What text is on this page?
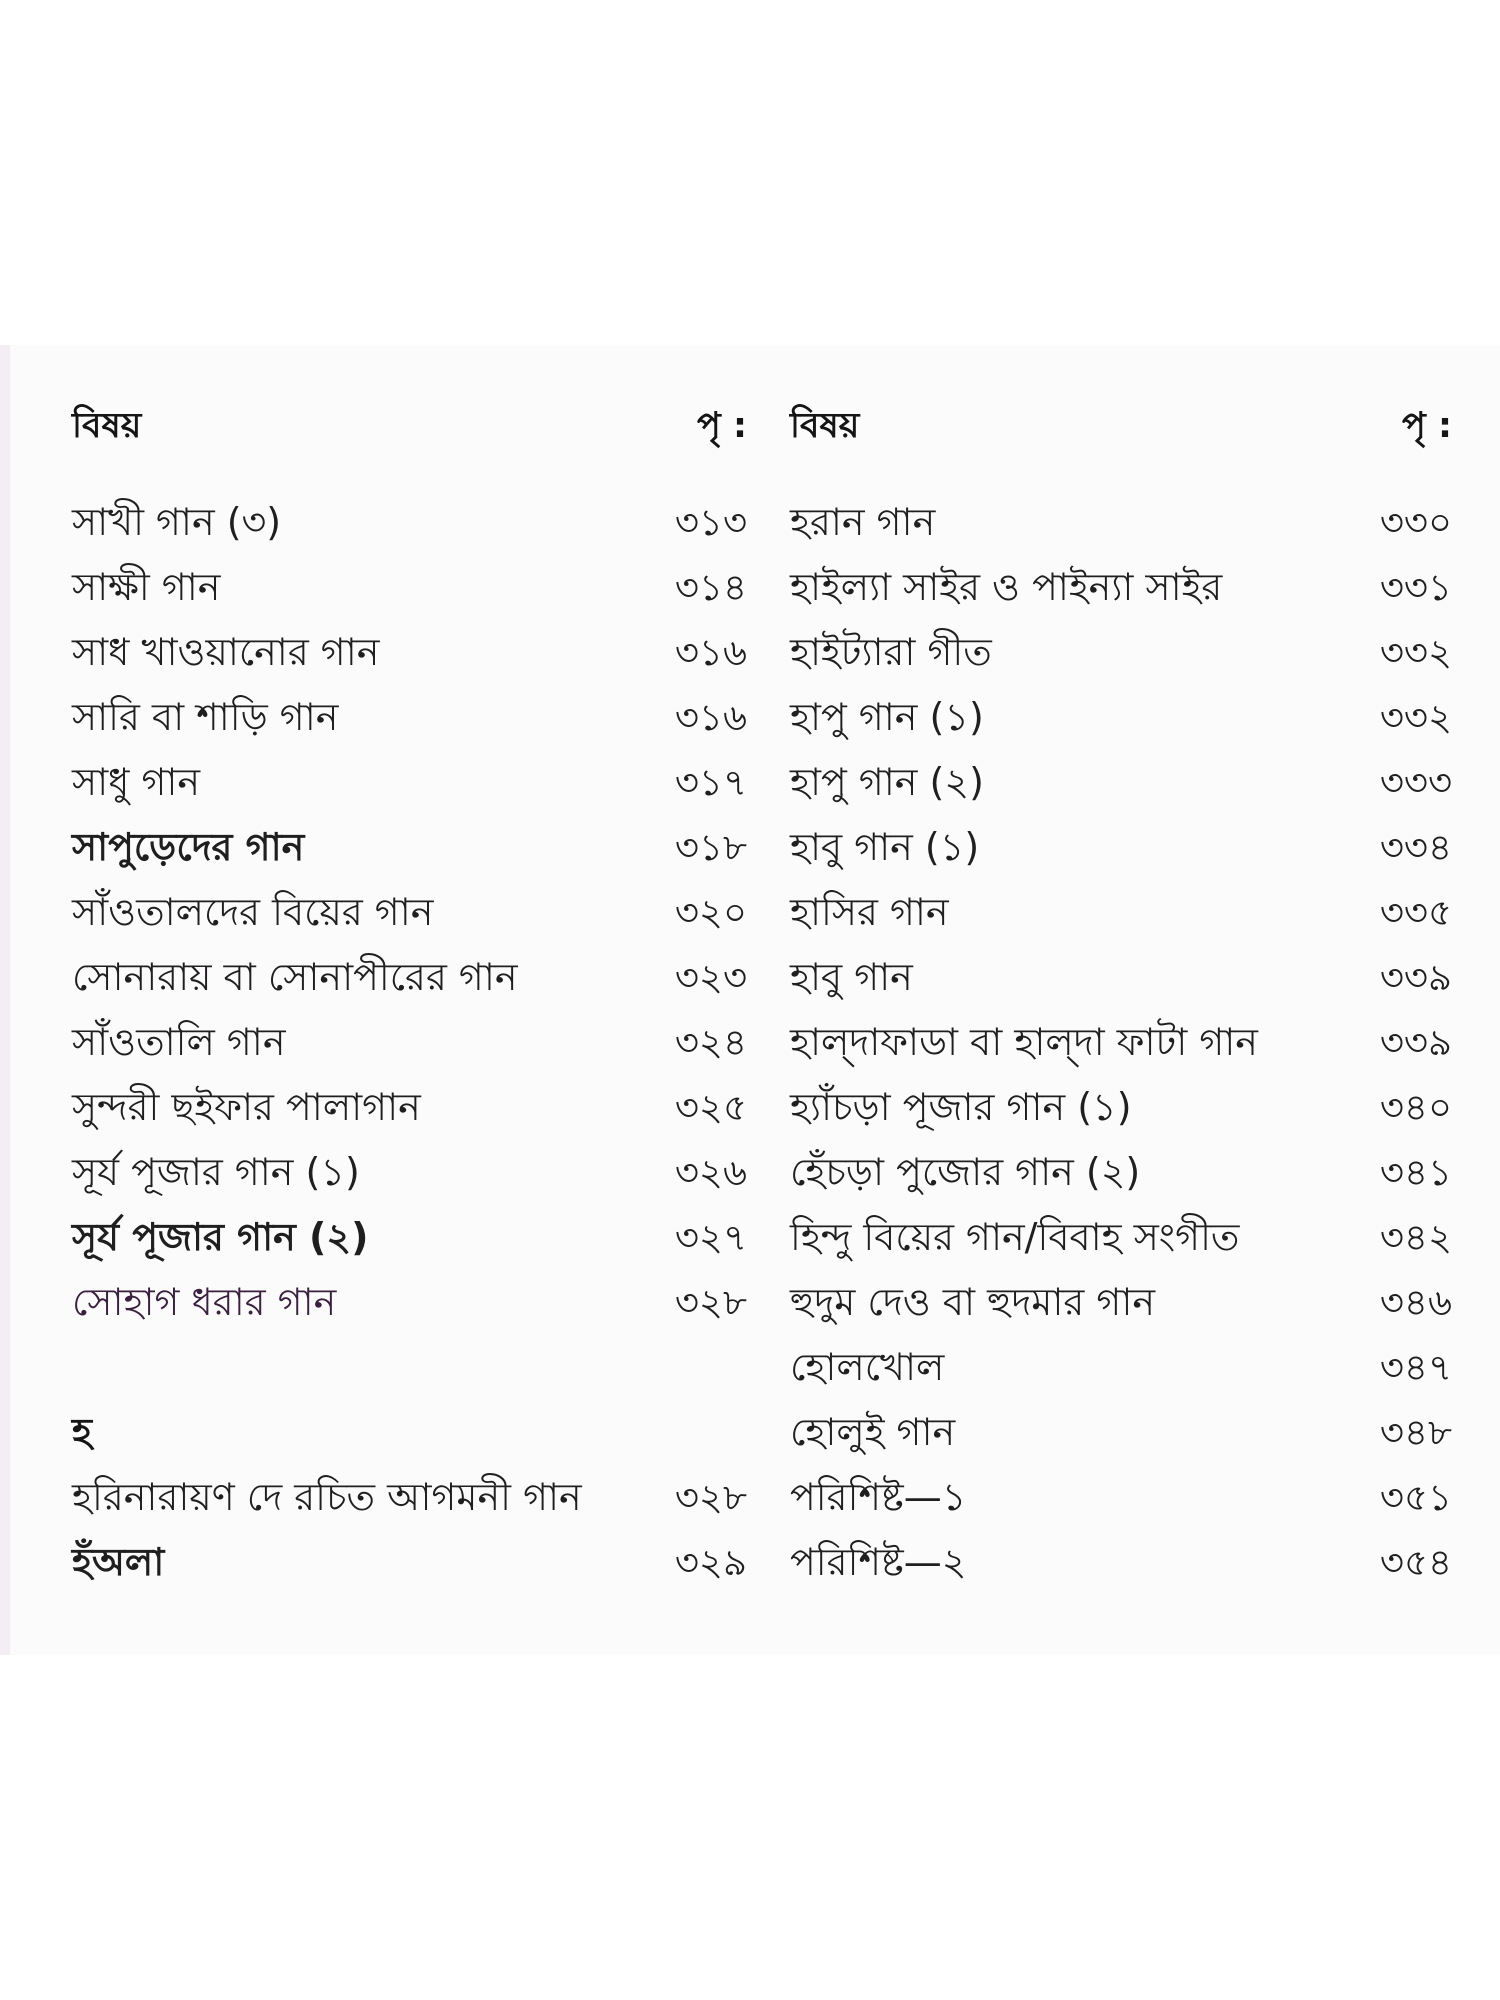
বিষয়	পৃ :
সাখী গান (৩)	৩১৩
সাক্ষী গান	৩১৪
সাধ খাওয়ানোর গান	৩১৬
সারি বা শাড়ি গান	৩১৬
সাধু গান	৩১৭
সাপুড়েদের গান	৩১৮
সাঁওতালদের বিয়ের গান	৩২০
সোনারায় বা সোনাপীরের গান	৩২৩
সাঁওতালি গান	৩২৪
সুন্দরী ছইফার পালাগান	৩২৫
সূর্য পূজার গান (১)	৩২৬
সূর্য পূজার গান (২)	৩২৭
সোহাগ ধরার গান	৩২৮
হ
হরিনারায়ণ দে রচিত আগমনী গান	৩২৮
হঁঅলা	৩২৯
বিষয়	পৃ :
হরান গান	৩৩০
হাইল্যা সাইর ও পাইন্যা সাইর	৩৩১
হাইট্যারা গীত	৩৩২
হাপু গান (১)	৩৩২
হাপু গান (২)	৩৩৩
হাবু গান (১)	৩৩৪
হাসির গান	৩৩৫
হাবু গান	৩৩৯
হাল্‌দাফাডা বা হাল্‌দা ফাটা গান	৩৩৯
হ্যাঁচড়া পূজার গান (১)	৩৪০
হেঁচড়া পুজোর গান (২)	৩৪১
হিন্দু বিয়ের গান/বিবাহ সংগীত	৩৪২
হুদুম দেও বা হুদমার গান	৩৪৬
হোলখোল	৩৪৭
হোলুই গান	৩৪৮
পরিশিষ্ট—১	৩৫১
পরিশিষ্ট—২	৩৫৪
